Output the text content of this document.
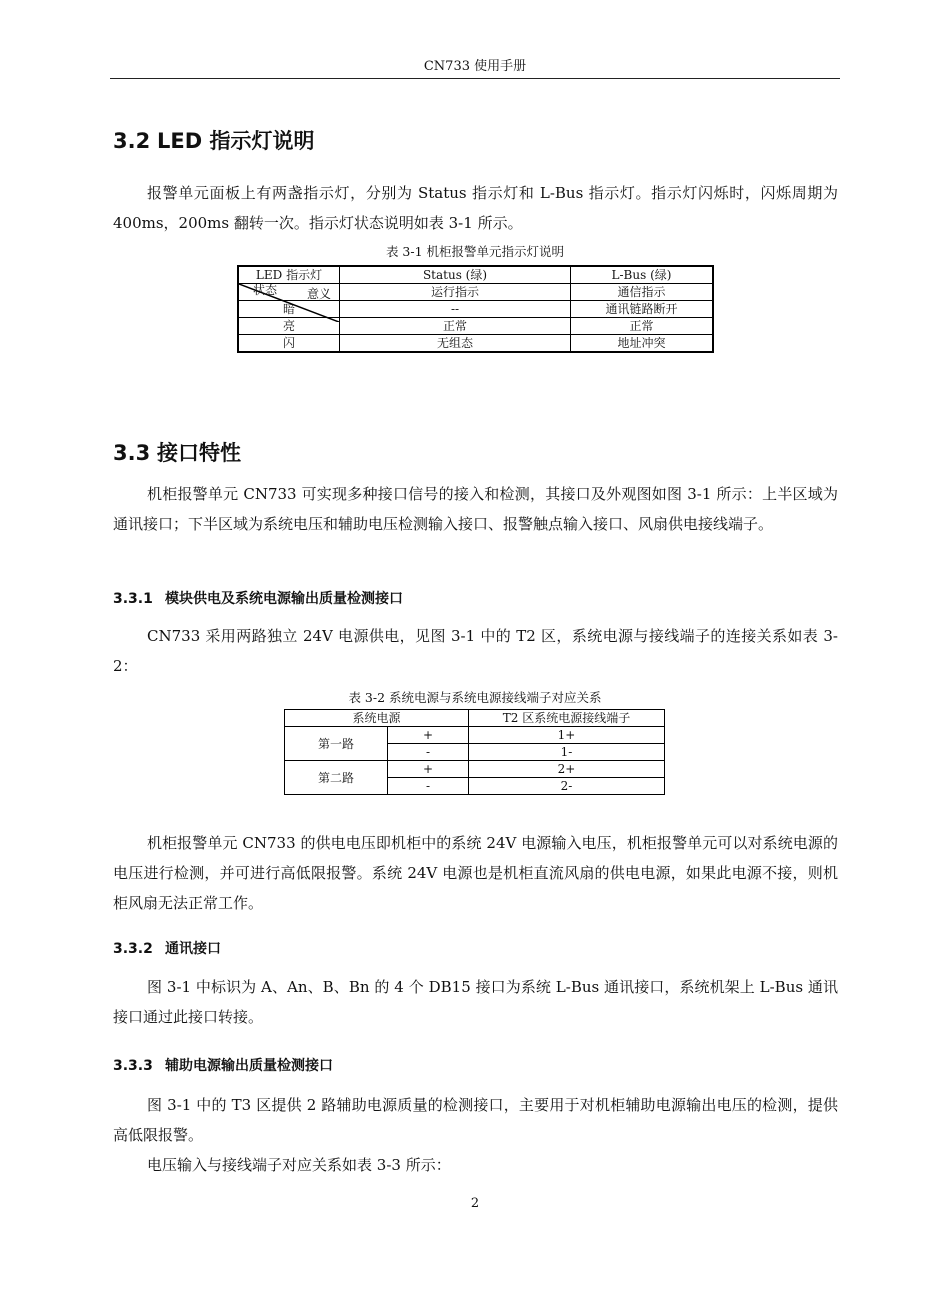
CN733 使用手册
3.2 LED 指示灯说明

报警单元面板上有两盏指示灯，分别为 Status 指示灯和 L-Bus 指示灯。指示灯闪烁时，闪烁周期为 400ms，200ms 翻转一次。指示灯状态说明如表 3-1 所示。

表 3-1 机柜报警单元指示灯说明

LED 指示灯	Status (绿)	L-Bus (绿)

意义
状态	运行指示	通信指示
暗	--	通讯链路断开
亮	正常	正常
闪	无组态	地址冲突
3.3 接口特性

机柜报警单元 CN733 可实现多种接口信号的接入和检测，其接口及外观图如图 3-1 所示：上半区域为通讯接口；下半区域为系统电压和辅助电压检测输入接口、报警触点输入接口、风扇供电接线端子。

3.3.1 模块供电及系统电源输出质量检测接口

CN733 采用两路独立 24V 电源供电，见图 3-1 中的 T2 区，系统电源与接线端子的连接关系如表 3-2：

表 3-2 系统电源与系统电源接线端子对应关系

系统电源		T2 区系统电源接线端子
第一路	+	1+
	-	1-
第二路	+	2+
	-	2-

机柜报警单元 CN733 的供电电压即机柜中的系统 24V 电源输入电压，机柜报警单元可以对系统电源的电压进行检测，并可进行高低限报警。系统 24V 电源也是机柜直流风扇的供电电源，如果此电源不接，则机柜风扇无法正常工作。

3.3.2 通讯接口

图 3-1 中标识为 A、An、B、Bn 的 4 个 DB15 接口为系统 L-Bus 通讯接口，系统机架上 L-Bus 通讯接口通过此接口转接。

3.3.3 辅助电源输出质量检测接口

图 3-1 中的 T3 区提供 2 路辅助电源质量的检测接口，主要用于对机柜辅助电源输出电压的检测，提供高低限报警。

电压输入与接线端子对应关系如表 3-3 所示：

2
